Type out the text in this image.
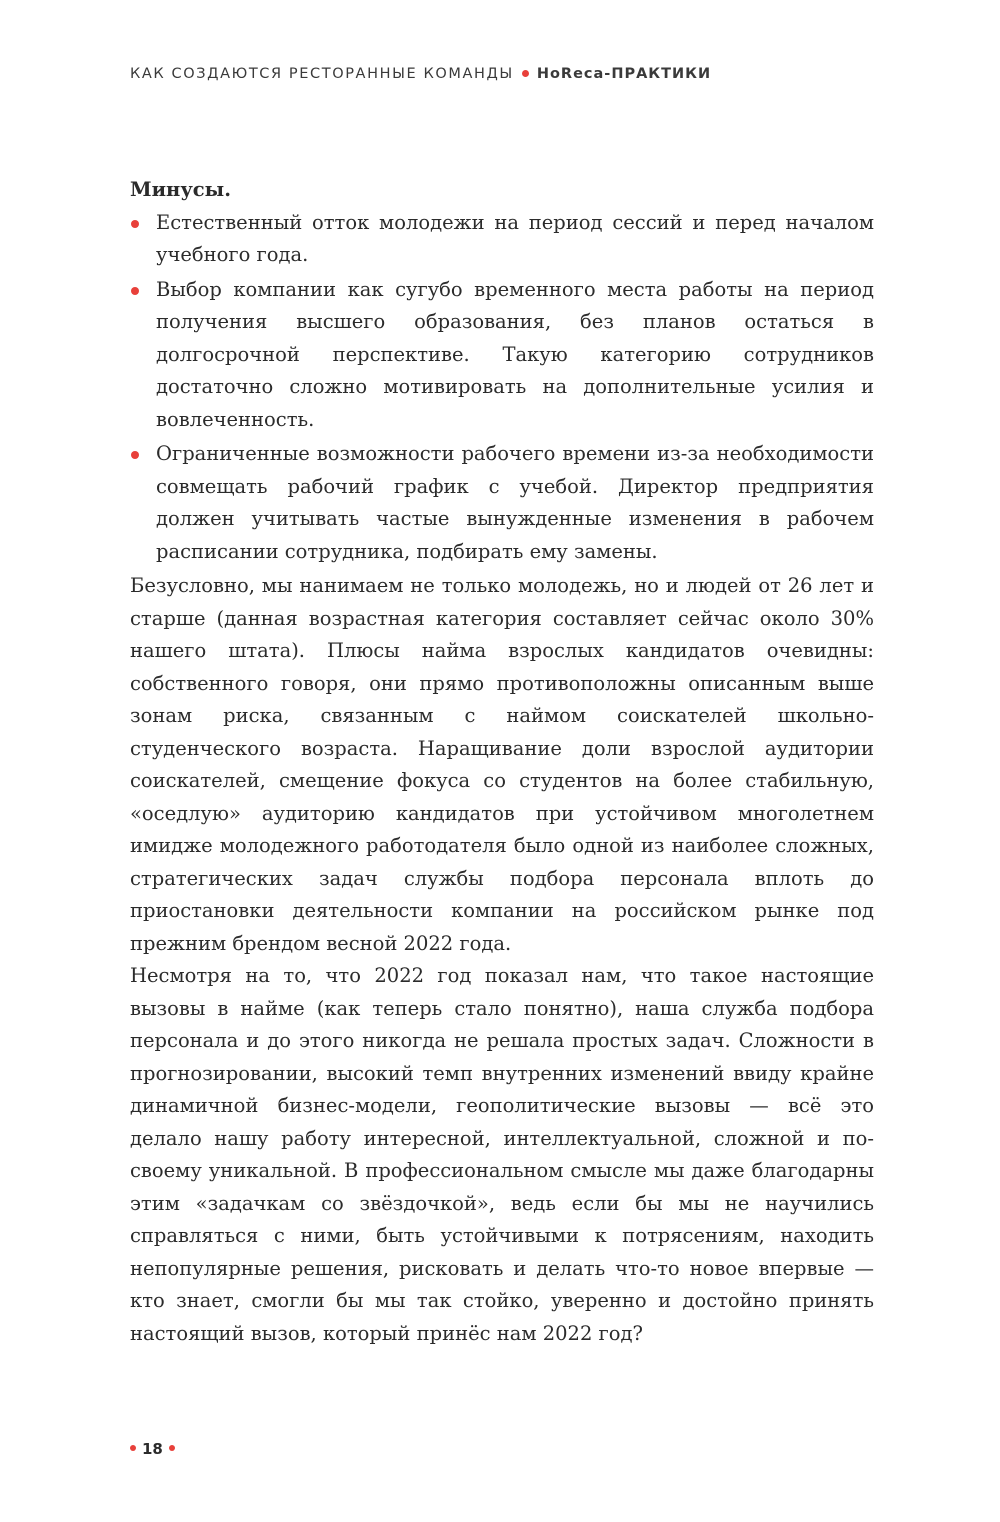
КАК СОЗДАЮТСЯ РЕСТОРАННЫЕ КОМАНДЫ HoReca-ПРАКТИКИ

Минусы.

Естественный отток молодежи на период сессий и перед началом учебного года.
Выбор компании как сугубо временного места работы на период получения высшего образования, без планов остаться в долгосрочной перспективе. Такую категорию сотрудников достаточно сложно мотивировать на дополнительные усилия и вовлеченность.
Ограниченные возможности рабочего времени из-за необходимости совмещать рабочий график с учебой. Директор предприятия должен учитывать частые вынужденные изменения в рабочем расписании сотрудника, подбирать ему замены.

Безусловно, мы нанимаем не только молодежь, но и людей от 26 лет и старше (данная возрастная категория составляет сейчас около 30% нашего штата). Плюсы найма взрослых кандидатов очевидны: собственного говоря, они прямо противоположны описанным выше зонам риска, связанным с наймом соискателей школьно-студенческого возраста. Наращивание доли взрослой аудитории соискателей, смещение фокуса со студентов на более стабильную, «оседлую» аудиторию кандидатов при устойчивом многолетнем имидже молодежного работодателя было одной из наиболее сложных, стратегических задач службы подбора персонала вплоть до приостановки деятельности компании на российском рынке под прежним брендом весной 2022 года.

Несмотря на то, что 2022 год показал нам, что такое настоящие вызовы в найме (как теперь стало понятно), наша служба подбора персонала и до этого никогда не решала простых задач. Сложности в прогнозировании, высокий темп внутренних изменений ввиду крайне динамичной бизнес-модели, геополитические вызовы — всё это делало нашу работу интересной, интеллектуальной, сложной и по-своему уникальной. В профессиональном смысле мы даже благодарны этим «задачкам со звёздочкой», ведь если бы мы не научились справляться с ними, быть устойчивыми к потрясениям, находить непопулярные решения, рисковать и делать что-то новое впервые — кто знает, смогли бы мы так стойко, уверенно и достойно принять настоящий вызов, который принёс нам 2022 год?

18
